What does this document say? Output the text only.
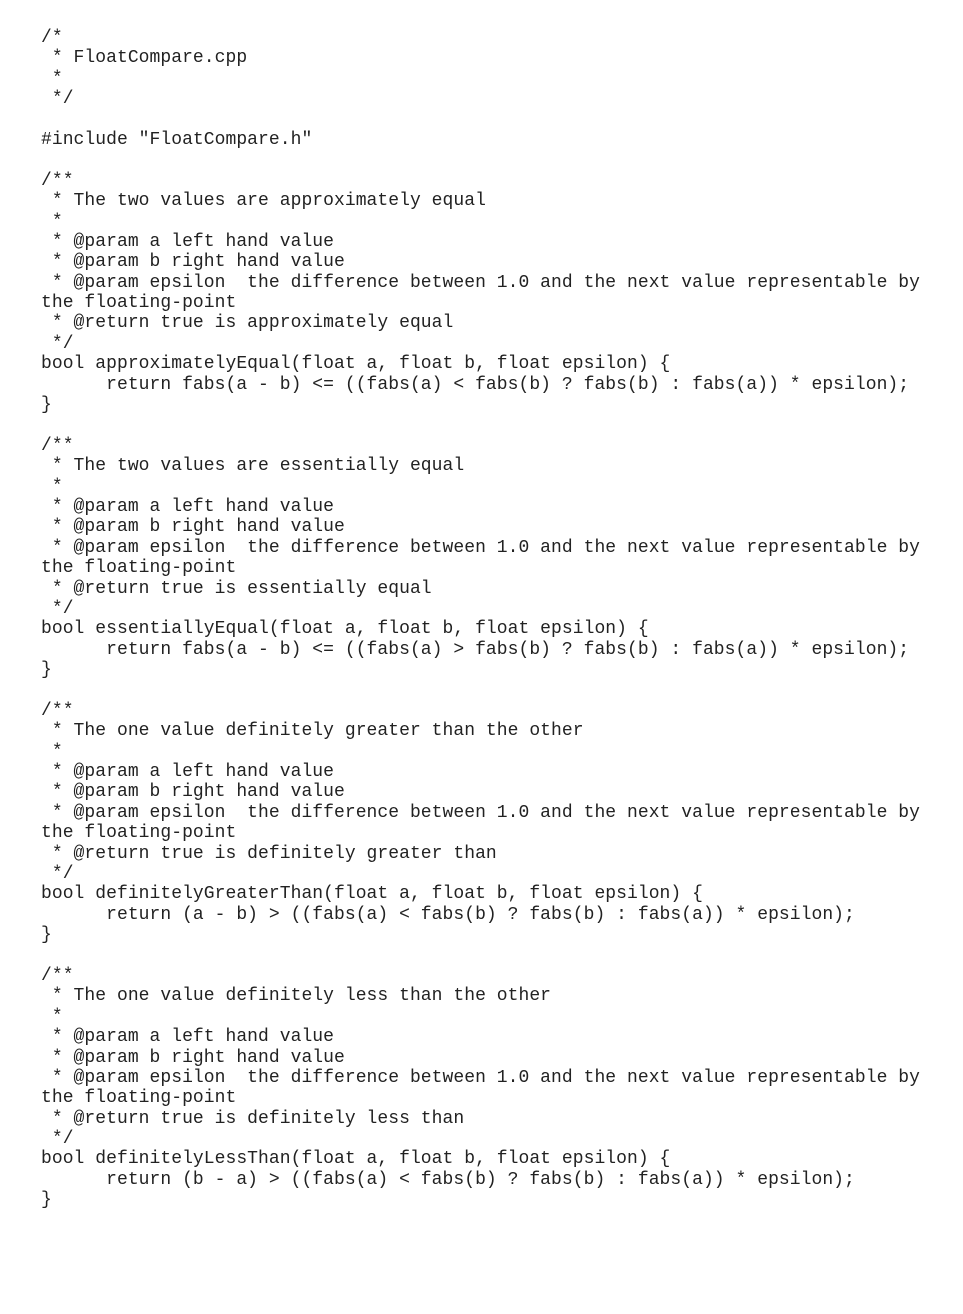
/*
* FloatCompare.cpp
*
*/
#include "FloatCompare.h"
/**
* The two values are approximately equal
*
* @param a left hand value
* @param b right hand value
* @param epsilon  the difference between 1.0 and the next value representable by
the floating-point
* @return true is approximately equal
*/
bool approximatelyEqual(float a, float b, float epsilon) {
return fabs(a - b) <= ((fabs(a) < fabs(b) ? fabs(b) : fabs(a)) * epsilon);
}
/**
* The two values are essentially equal
*
* @param a left hand value
* @param b right hand value
* @param epsilon  the difference between 1.0 and the next value representable by
the floating-point
* @return true is essentially equal
*/
bool essentiallyEqual(float a, float b, float epsilon) {
return fabs(a - b) <= ((fabs(a) > fabs(b) ? fabs(b) : fabs(a)) * epsilon);
}
/**
* The one value definitely greater than the other
*
* @param a left hand value
* @param b right hand value
* @param epsilon  the difference between 1.0 and the next value representable by
the floating-point
* @return true is definitely greater than
*/
bool definitelyGreaterThan(float a, float b, float epsilon) {
return (a - b) > ((fabs(a) < fabs(b) ? fabs(b) : fabs(a)) * epsilon);
}
/**
* The one value definitely less than the other
*
* @param a left hand value
* @param b right hand value
* @param epsilon  the difference between 1.0 and the next value representable by
the floating-point
* @return true is definitely less than
*/
bool definitelyLessThan(float a, float b, float epsilon) {
return (b - a) > ((fabs(a) < fabs(b) ? fabs(b) : fabs(a)) * epsilon);
}
